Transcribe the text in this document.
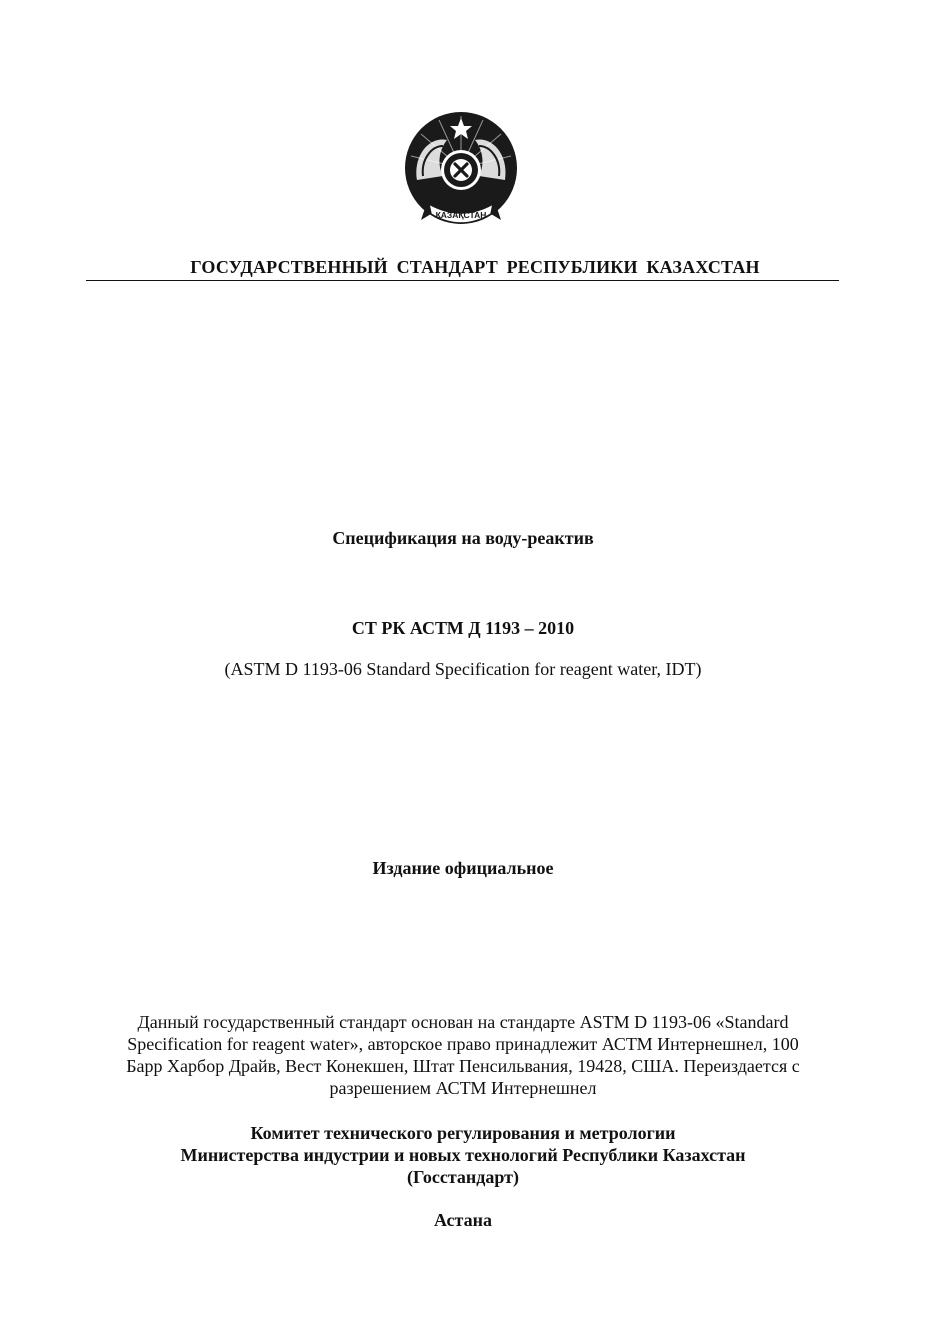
ҚАЗАҚСТАН
ГОСУДАРСТВЕННЫЙ СТАНДАРТ РЕСПУБЛИКИ КАЗАХСТАН
Спецификация на воду-реактив
СТ РК АСТМ Д 1193 – 2010
(ASTM D 1193-06 Standard Specification for reagent water, IDT)
Издание официальное
Данный государственный стандарт основан на стандарте ASTM D 1193-06 «Standard
Specification for reagent water», авторское право принадлежит АСТМ Интернешнел, 100
Барр Харбор Драйв, Вест Конекшен, Штат Пенсильвания, 19428, США. Переиздается с
разрешением АСТМ Интернешнел
Комитет технического регулирования и метрологии
Министерства индустрии и новых технологий Республики Казахстан
(Госстандарт)
Астана
